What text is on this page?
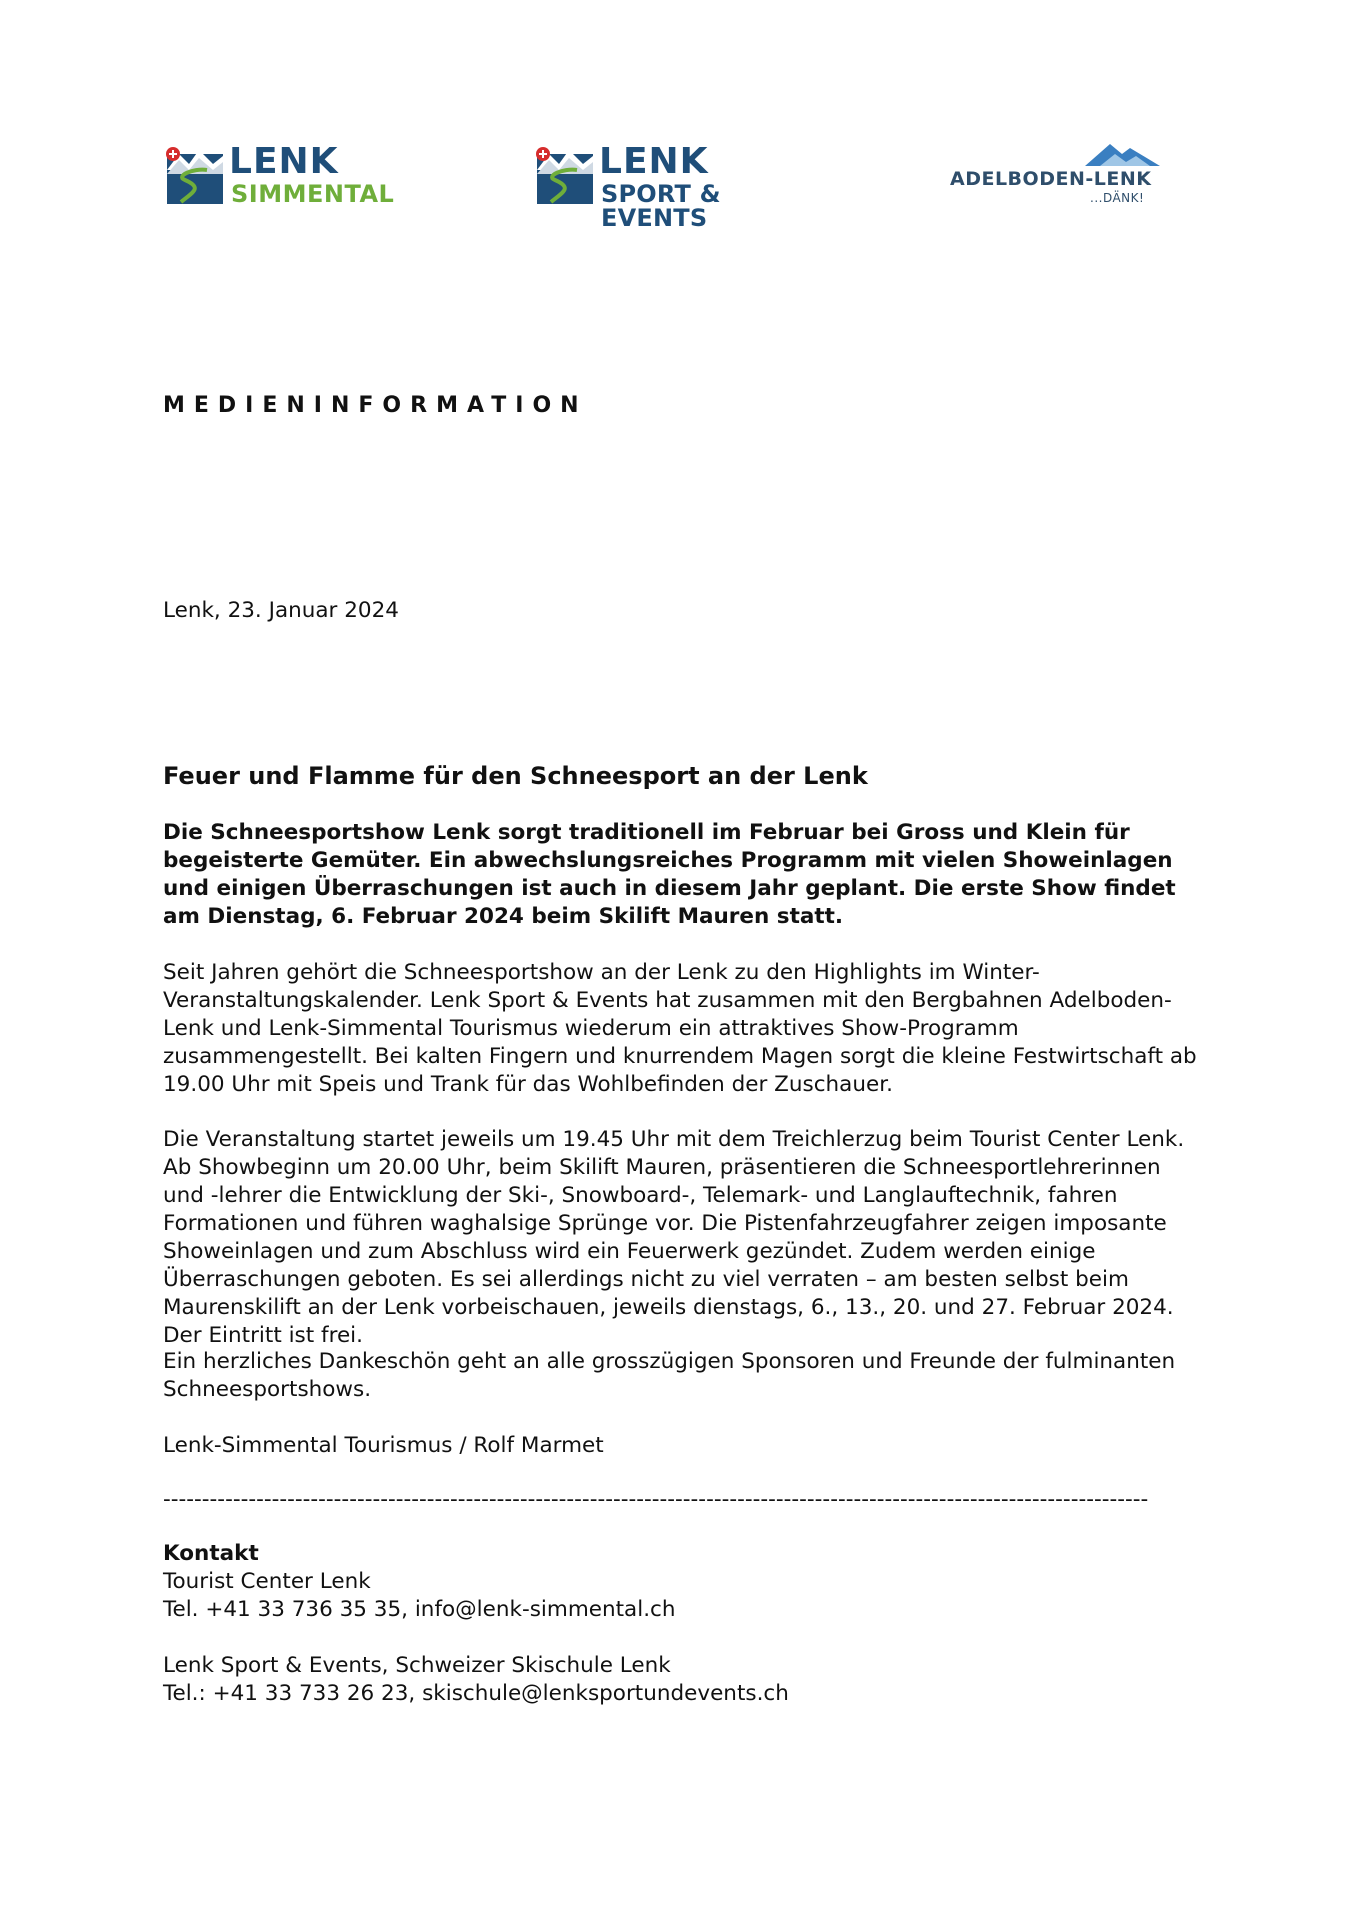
LENK
SIMMENTAL
LENK
SPORT & EVENTS
ADELBODEN-LENK
...DÄNK!
MEDIENINFORMATION
Lenk, 23. Januar 2024
Feuer und Flamme für den Schneesport an der Lenk
Die Schneesportshow Lenk sorgt traditionell im Februar bei Gross und Klein für begeisterte Gemüter. Ein abwechslungsreiches Programm mit vielen Showeinlagen und einigen Überraschungen ist auch in diesem Jahr geplant. Die erste Show findet am Dienstag, 6. Februar 2024 beim Skilift Mauren statt.
Seit Jahren gehört die Schneesportshow an der Lenk zu den Highlights im Winter-Veranstaltungskalender. Lenk Sport & Events hat zusammen mit den Bergbahnen Adelboden-Lenk und Lenk-Simmental Tourismus wiederum ein attraktives Show-Programm zusammengestellt. Bei kalten Fingern und knurrendem Magen sorgt die kleine Festwirtschaft ab 19.00 Uhr mit Speis und Trank für das Wohlbefinden der Zuschauer.
Die Veranstaltung startet jeweils um 19.45 Uhr mit dem Treichlerzug beim Tourist Center Lenk. Ab Showbeginn um 20.00 Uhr, beim Skilift Mauren, präsentieren die Schneesportlehrerinnen und -lehrer die Entwicklung der Ski-, Snowboard-, Telemark- und Langlauftechnik, fahren Formationen und führen waghalsige Sprünge vor. Die Pistenfahrzeugfahrer zeigen imposante Showeinlagen und zum Abschluss wird ein Feuerwerk gezündet. Zudem werden einige Überraschungen geboten. Es sei allerdings nicht zu viel verraten – am besten selbst beim Maurenskilift an der Lenk vorbeischauen, jeweils dienstags, 6., 13., 20. und 27. Februar 2024. Der Eintritt ist frei.
Ein herzliches Dankeschön geht an alle grosszügigen Sponsoren und Freunde der fulminanten Schneesportshows.
Lenk-Simmental Tourismus / Rolf Marmet
-------------------------------------------------------------------------------------------------------------------------------
Kontakt
Tourist Center Lenk
Tel. +41 33 736 35 35, info@lenk-simmental.ch
Lenk Sport & Events, Schweizer Skischule Lenk
Tel.: +41 33 733 26 23, skischule@lenksportundevents.ch
